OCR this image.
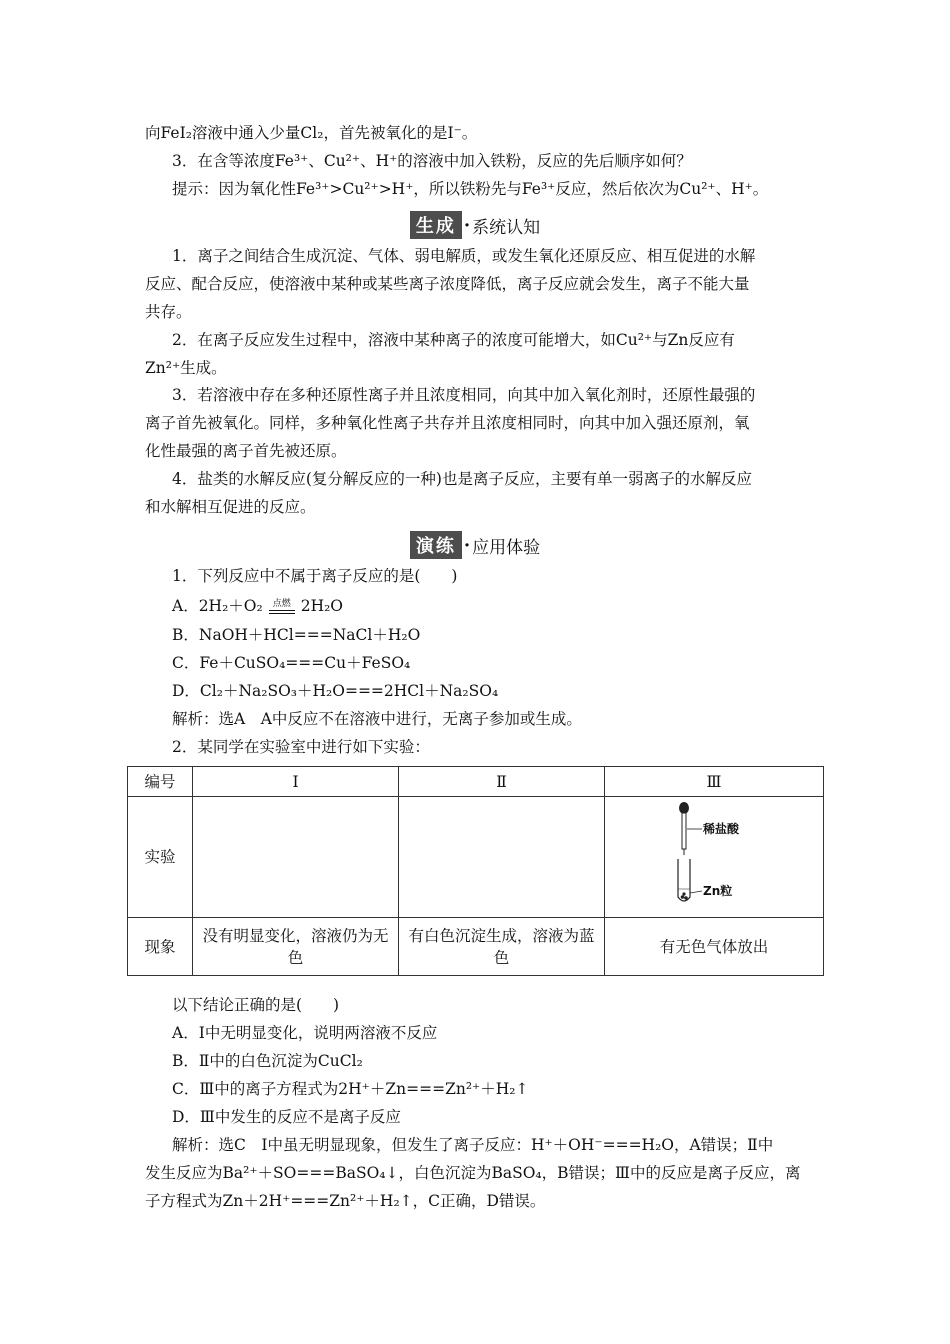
向FeI₂溶液中通入少量Cl₂，首先被氧化的是I⁻。
3．在含等浓度Fe³⁺、Cu²⁺、H⁺的溶液中加入铁粉，反应的先后顺序如何？
提示：因为氧化性Fe³⁺>Cu²⁺>H⁺，所以铁粉先与Fe³⁺反应，然后依次为Cu²⁺、H⁺。
生成 · 系统认知
1．离子之间结合生成沉淀、气体、弱电解质，或发生氧化还原反应、相互促进的水解
反应、配合反应，使溶液中某种或某些离子浓度降低，离子反应就会发生，离子不能大量
共存。
2．在离子反应发生过程中，溶液中某种离子的浓度可能增大，如Cu²⁺与Zn反应有
Zn²⁺生成。
3．若溶液中存在多种还原性离子并且浓度相同，向其中加入氧化剂时，还原性最强的
离子首先被氧化。同样，多种氧化性离子共存并且浓度相同时，向其中加入强还原剂，氧
化性最强的离子首先被还原。
4．盐类的水解反应(复分解反应的一种)也是离子反应，主要有单一弱离子的水解反应
和水解相互促进的反应。
演练 · 应用体验
1．下列反应中不属于离子反应的是(　　)
A．2H₂＋O₂	点燃 2H₂O
B．NaOH＋HCl===NaCl＋H₂O
C．Fe＋CuSO₄===Cu＋FeSO₄
D．Cl₂＋Na₂SO₃＋H₂O===2HCl＋Na₂SO₄
解析：选A　A中反应不在溶液中进行，无离子参加或生成。
2．某同学在实验室中进行如下实验：
编号	Ⅰ	Ⅱ	Ⅲ
实验			稀盐酸
Zn粒

现象	没有明显变化，溶液仍为无色	有白色沉淀生成，溶液为蓝色	有无色气体放出
以下结论正确的是(　　)
A．Ⅰ中无明显变化，说明两溶液不反应
B．Ⅱ中的白色沉淀为CuCl₂
C．Ⅲ中的离子方程式为2H⁺＋Zn===Zn²⁺＋H₂↑
D．Ⅲ中发生的反应不是离子反应
解析：选C　Ⅰ中虽无明显现象，但发生了离子反应：H⁺＋OH⁻===H₂O，A错误；Ⅱ中
发生反应为Ba²⁺＋SO===BaSO₄↓，白色沉淀为BaSO₄，B错误；Ⅲ中的反应是离子反应，离
子方程式为Zn＋2H⁺===Zn²⁺＋H₂↑，C正确，D错误。
